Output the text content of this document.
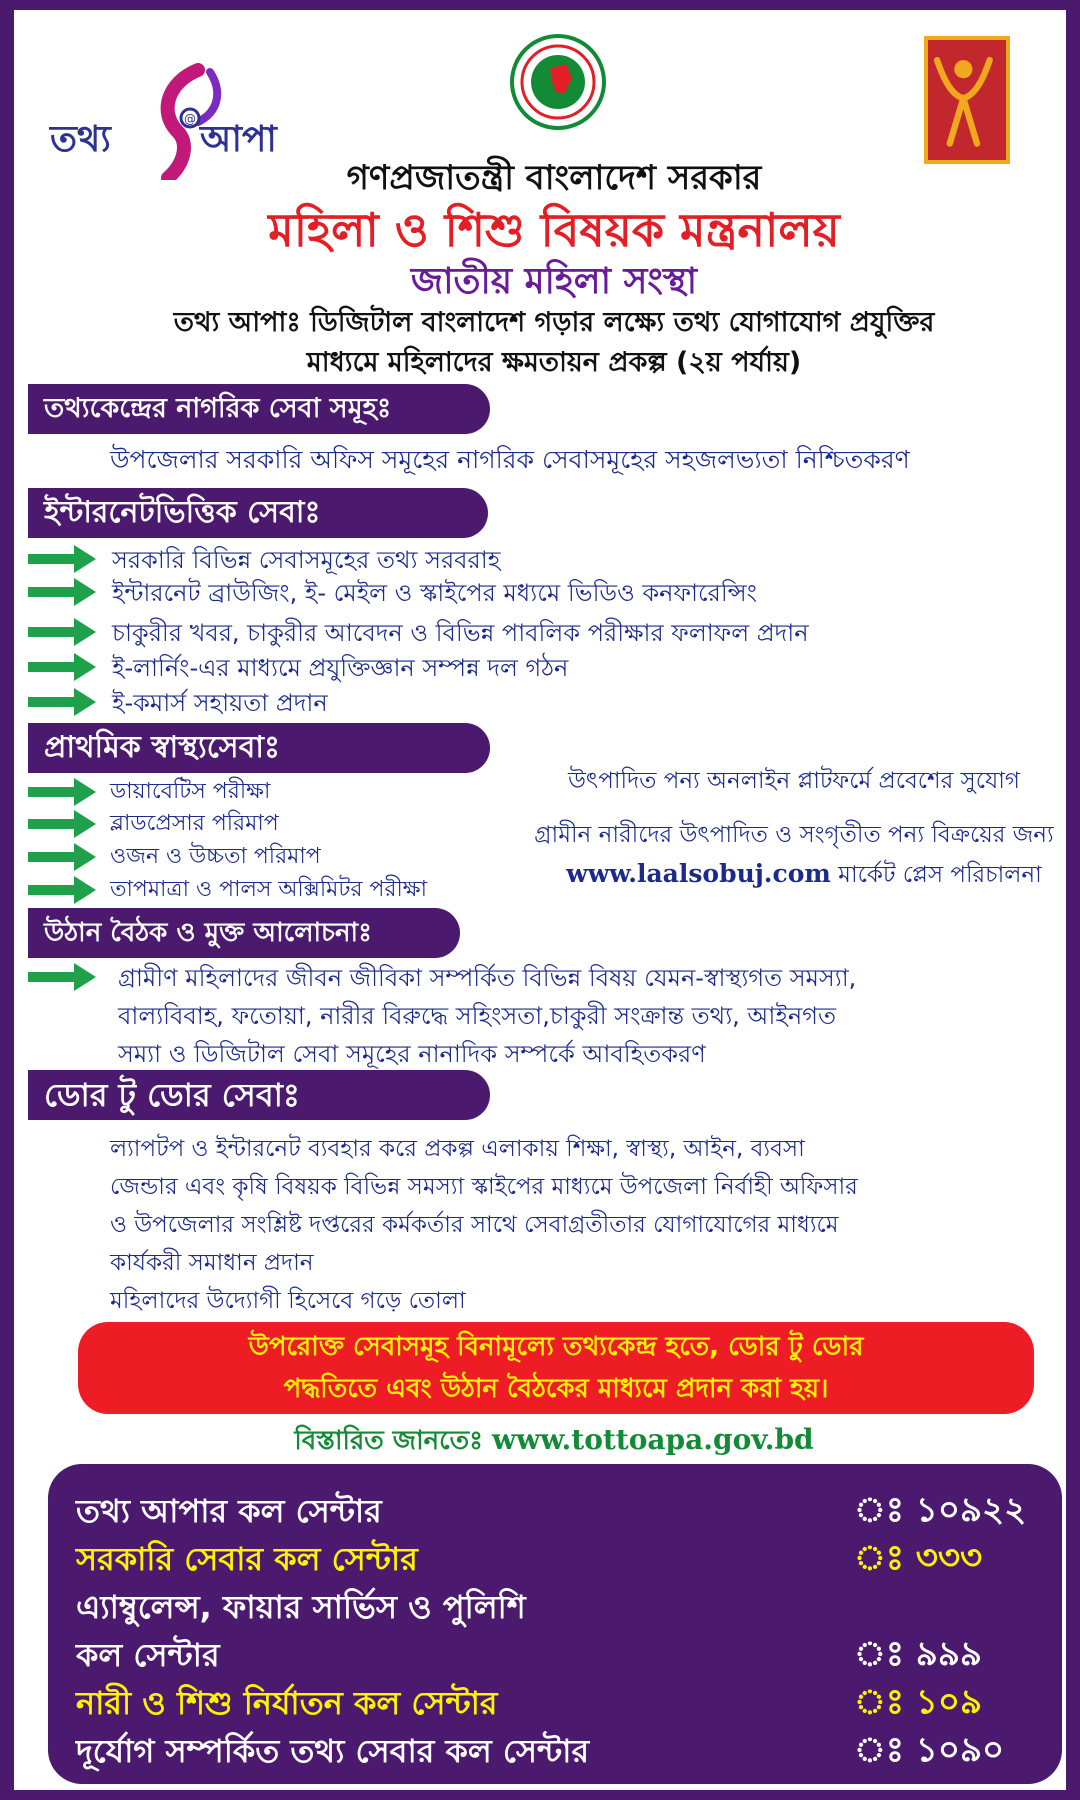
@
তথ্য আপা
গণপ্রজাতন্ত্রী বাংলাদেশ সরকার
মহিলা ও শিশু বিষয়ক মন্ত্রনালয়
জাতীয় মহিলা সংস্থা
তথ্য আপাঃ ডিজিটাল বাংলাদেশ গড়ার লক্ষ্যে তথ্য যোগাযোগ প্রযুক্তির
মাধ্যমে মহিলাদের ক্ষমতায়ন প্রকল্প (২য় পর্যায়)
তথ্যকেন্দ্রের নাগরিক সেবা সমূহঃ
উপজেলার সরকারি অফিস সমূহের নাগরিক সেবাসমূহের সহজলভ্যতা নিশ্চিতকরণ
ইন্টারনেটভিত্তিক সেবাঃ
সরকারি বিভিন্ন সেবাসমূহের তথ্য সরবরাহ
ইন্টারনেট ব্রাউজিং, ই- মেইল ও স্কাইপের মধ্যমে ভিডিও কনফারেন্সিং
চাকুরীর খবর, চাকুরীর আবেদন ও বিভিন্ন পাবলিক পরীক্ষার ফলাফল প্রদান
ই-লার্নিং-এর মাধ্যমে প্রযুক্তিজ্ঞান সম্পন্ন দল গঠন
ই-কমার্স সহায়তা প্রদান
প্রাথমিক স্বাস্থ্যসেবাঃ
ডায়াবেটিস পরীক্ষা
ব্লাডপ্রেসার পরিমাপ
ওজন ও উচ্চতা পরিমাপ
তাপমাত্রা ও পালস অক্সিমিটর পরীক্ষা
উৎপাদিত পন্য অনলাইন প্লাটফর্মে প্রবেশের সুযোগ
গ্রামীন নারীদের উৎপাদিত ও সংগৃতীত পন্য বিক্রয়ের জন্য
www.laalsobuj.com মার্কেট প্লেস পরিচালনা
উঠান বৈঠক ও মুক্ত আলোচনাঃ
গ্রামীণ মহিলাদের জীবন জীবিকা সম্পর্কিত বিভিন্ন বিষয় যেমন-স্বাস্থ্যগত সমস্যা,
বাল্যবিবাহ, ফতোয়া, নারীর বিরুদ্ধে সহিংসতা,চাকুরী সংক্রান্ত তথ্য, আইনগত
সম্যা ও ডিজিটাল সেবা সমূহের নানাদিক সম্পর্কে আবহিতকরণ
ডোর টু ডোর সেবাঃ
ল্যাপটপ ও ইন্টারনেট ব্যবহার করে প্রকল্প এলাকায় শিক্ষা, স্বাস্থ্য, আইন, ব্যবসা
জেন্ডার এবং কৃষি বিষয়ক বিভিন্ন সমস্যা স্কাইপের মাধ্যমে উপজেলা নির্বাহী অফিসার
ও উপজেলার সংশ্লিষ্ট দপ্তরের কর্মকর্তার সাথে সেবাগ্রতীতার যোগাযোগের মাধ্যমে
কার্যকরী সমাধান প্রদান
মহিলাদের উদ্যোগী হিসেবে গড়ে তোলা
উপরোক্ত সেবাসমূহ বিনামূল্যে তথ্যকেন্দ্র হতে, ডোর টু ডোর
পদ্ধতিতে এবং উঠান বৈঠকের মাধ্যমে প্রদান করা হয়।
বিস্তারিত জানতেঃ www.tottoapa.gov.bd
তথ্য আপার কল সেন্টার	ঃ ১০৯২২
সরকারি সেবার কল সেন্টার	ঃ ৩৩৩
এ্যাম্বুলেন্স, ফায়ার সার্ভিস ও পুলিশি
কল সেন্টার	ঃ ৯৯৯
নারী ও শিশু নির্যাতন কল সেন্টার	ঃ ১০৯
দূর্যোগ সম্পর্কিত তথ্য সেবার কল সেন্টার	ঃ ১০৯০
